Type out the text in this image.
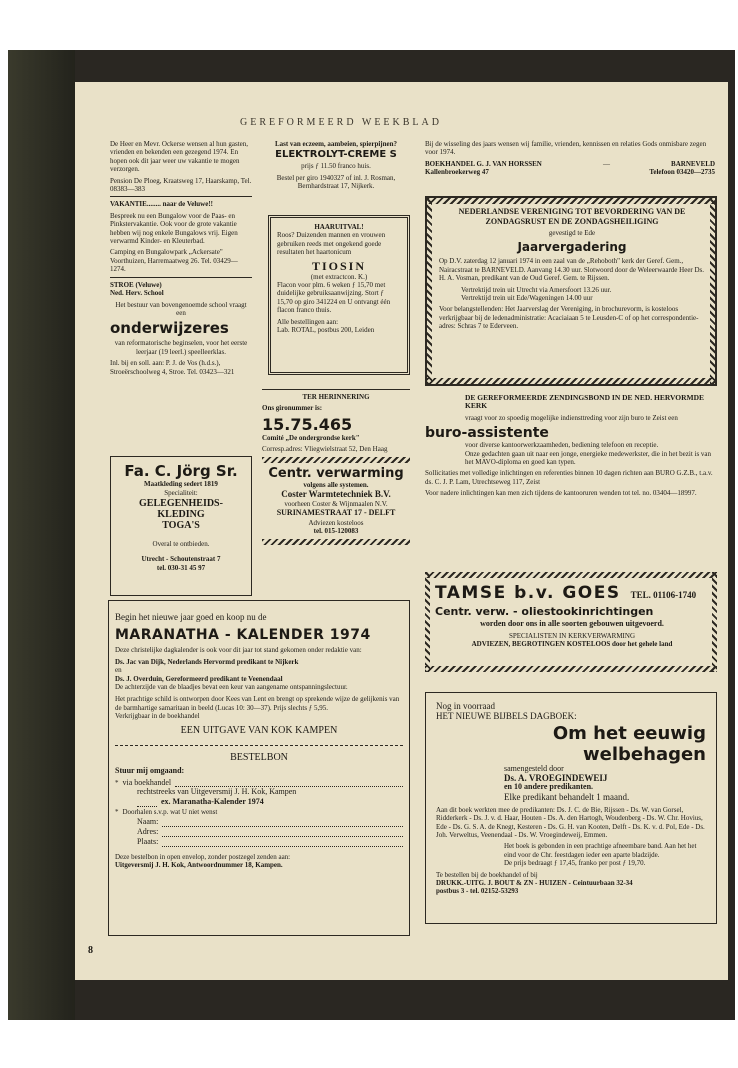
GEREFORMEERD WEEKBLAD

De Heer en Mevr. Ockerse wensen al hun gasten, vrienden en bekenden een gezegend 1974. En hopen ook dit jaar weer uw vakantie te mogen verzorgen.

Pension De Ploeg, Kraatsweg 17, Haarskamp, Tel. 08383—383

VAKANTIE........ naar de Veluwe!!

Bespreek nu een Bungalow voor de Paas- en Pinkstervakantie. Ook voor de grote vakantie hebben wij nog enkele Bungalows vrij. Eigen verwarmd Kinder- en Kleuterbad.

Camping en Bungalowpark „Ackersate" Voorthuizen, Harremaatweg 26. Tel. 03429—1274.

STROE (Veluwe)

Ned. Herv. School

Het bestuur van bovengenoemde school vraagt een

onderwijzeres

van reformatorische beginselen, voor het eerste leerjaar (19 leerl.) speelleerklas.

Inl. bij en soll. aan: P. J. de Vos (h.d.s.), Stroeërschoolweg 4, Stroe. Tel. 03423—321

Fa. C. Jörg Sr.
Maatkleding sedert 1819
Specialiteit:
GELEGENHEIDS-
KLEDING
TOGA'S
Overal te ontbieden.
Utrecht - Schoutenstraat 7
tel. 030-31 45 97

Last van eczeem, aambeien, spierpijnen?

ELEKTROLYT-CREME S

prijs ƒ 11.50 franco huis.

Bestel per giro 1940327 of inl. J. Rosman, Bernhardstraat 17, Nijkerk.

HAARUITVAL!

Roos? Duizenden mannen en vrouwen gebruiken reeds met ongekend goede resultaten het haartonicum

TIOSIN
(met extractcon. K.)

Flacon voor plm. 6 weken ƒ 15,70 met duidelijke gebruiksaanwijzing. Stort ƒ 15,70 op giro 341224 en U ontvangt één flacon franco thuis.

Alle bestellingen aan:

Lab. ROTAL, postbus 200, Leiden

TER HERINNERING

Ons gironummer is:

15.75.465

Comité „De ondergrondse kerk"

Corresp.adres: Vliegwielstraat 52, Den Haag

Centr. verwarming

volgens alle systemen.

Coster Warmtetechniek B.V.

voorheen Coster & Wijnmaalen N.V.

SURINAMESTRAAT 17 - DELFT

Adviezen kosteloos

tel. 015-120083

Begin het nieuwe jaar goed en koop nu de

MARANATHA - KALENDER 1974

Deze christelijke dagkalender is ook voor dit jaar tot stand gekomen onder redaktie van:

Ds. Jac van Dijk, Nederlands Hervormd predikant te Nijkerk

en

Ds. J. Overduin, Gereformeerd predikant te Veenendaal

De achterzijde van de blaadjes bevat een keur van aangename ontspanningslectuur.

Het prachtige schild is ontworpen door Kees van Lent en brengt op sprekende wijze de gelijkenis van de barmhartige samaritaan in beeld (Lucas 10: 30—37). Prijs slechts ƒ 5,95.

Verkrijgbaar in de boekhandel

EEN UITGAVE VAN KOK KAMPEN

BESTELBON

Stuur mij omgaand:

* via boekhandel
rechtstreeks van Uitgeversmij J. H. Kok, Kampen
ex. Maranatha-Kalender 1974
* Doorhalen s.v.p. wat U niet wenst
Naam:
Adres:
Plaats:

Deze bestelbon in open envelop, zonder postzegel zenden aan:

Uitgeversmij J. H. Kok, Antwoordnummer 18, Kampen.

Bij de wisseling des jaars wensen wij familie, vrienden, kennissen en relaties Gods onmisbare zegen voor 1974.

BOEKHANDEL G. J. VAN HORSSEN	—	BARNEVELD
Kallenbroekerweg 47	Telefoon 03420—2735

NEDERLANDSE VERENIGING TOT BEVORDERING VAN DE ZONDAGSRUST EN DE ZONDAGSHEILIGING

gevestigd te Ede

Jaarvergadering

Op D.V. zaterdag 12 januari 1974 in een zaal van de „Rehoboth" kerk der Geref. Gem., Nairacstraat te BARNEVELD. Aanvang 14.30 uur. Slotwoord door de Weleerwaarde Heer Ds. H. A. Vosman, predikant van de Oud Geref. Gem. te Rijssen.

Vertrektijd trein uit Utrecht via Amersfoort 13.26 uur.

Vertrektijd trein uit Ede/Wageningen 14.00 uur

Voor belangstellenden: Het Jaarverslag der Vereniging, in brochurevorm, is kosteloos verkrijgbaar bij de ledenadministratie: Acaciaiaan 5 te Leusden-C of op het correspondentie-adres: Schras 7 te Ederveen.

DE GEREFORMEERDE ZENDINGSBOND IN DE NED. HERVORMDE KERK

vraagt voor zo spoedig mogelijke indiensttreding voor zijn buro te Zeist een

buro-assistente

voor diverse kantoorwerkzaamheden, bediening telefoon en receptie.

Onze gedachten gaan uit naar een jonge, energieke medewerkster, die in het bezit is van het MAVO-diploma en goed kan typen.

Sollicitaties met volledige inlichtingen en referenties binnen 10 dagen richten aan BURO G.Z.B., t.a.v. ds. C. J. P. Lam, Utrechtseweg 117, Zeist

Voor nadere inlichtingen kan men zich tijdens de kantooruren wenden tot tel. no. 03404—18997.

TAMSE b.v. GOES TEL. 01106-1740

Centr. verw. - oliestookinrichtingen

worden door ons in alle soorten gebouwen uitgevoerd.

SPECIALISTEN IN KERKVERWARMING

ADVIEZEN, BEGROTINGEN KOSTELOOS door het gehele land

Nog in voorraad

HET NIEUWE BIJBELS DAGBOEK:

Om het eeuwig welbehagen

samengesteld door

Ds. A. VROEGINDEWEIJ

en 10 andere predikanten.

Elke predikant behandelt 1 maand.

Aan dit boek werkten mee de predikanten: Ds. J. C. de Bie, Rijssen - Ds. W. van Gorsel, Ridderkerk - Ds. J. v. d. Haar, Houten - Ds. A. den Hartogh, Woudenberg - Ds. W. Chr. Hovius, Ede - Ds. G. S. A. de Knegt, Kesteren - Ds. G. H. van Kooten, Delft - Ds. K. v. d. Pol, Ede - Ds. Joh. Verweltus, Veenendaal - Ds. W. Vroegindeweij, Emmen.

Het boek is gebonden in een prachtige afneembare band. Aan het het eind voor de Chr. feestdagen ieder een aparte bladzijde.

De prijs bedraagt ƒ 17,45, franko per post ƒ 19,70.

Te bestellen bij de boekhandel of bij

DRUKK.-UITG. J. BOUT & ZN - HUIZEN - Ceintuurbaan 32-34

postbus 3 - tel. 02152-53293

8
